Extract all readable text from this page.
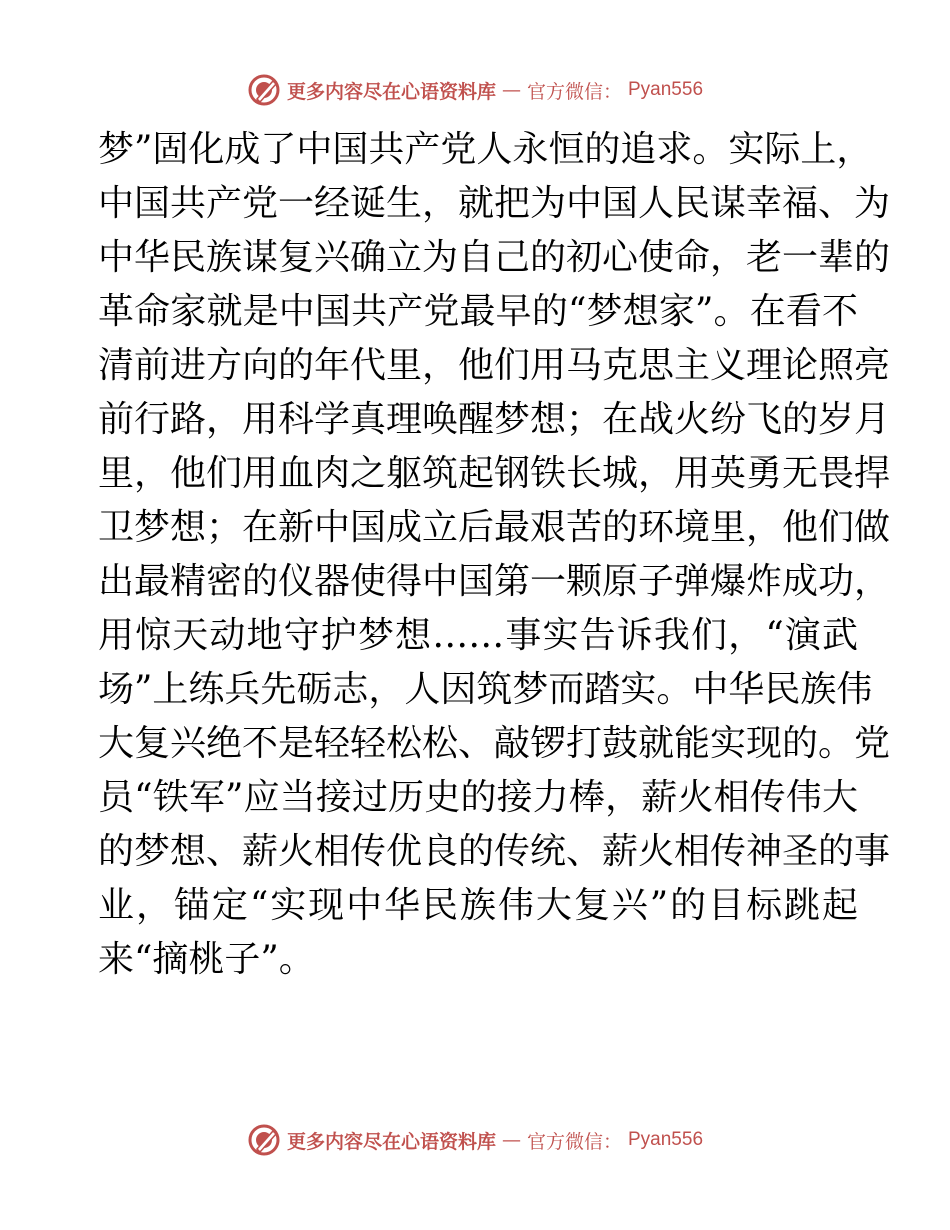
更多内容尽在心语资料库 — 官方微信： Pyan556
梦”固化成了中国共产党人永恒的追求。实际上，
中国共产党一经诞生，就把为中国人民谋幸福、为
中华民族谋复兴确立为自己的初心使命，老一辈的
革命家就是中国共产党最早的“梦想家”。在看不
清前进方向的年代里，他们用马克思主义理论照亮
前行路，用科学真理唤醒梦想；在战火纷飞的岁月
里，他们用血肉之躯筑起钢铁长城，用英勇无畏捍
卫梦想；在新中国成立后最艰苦的环境里，他们做
出最精密的仪器使得中国第一颗原子弹爆炸成功，
用惊天动地守护梦想……事实告诉我们，“演武
场”上练兵先砺志，人因筑梦而踏实。中华民族伟
大复兴绝不是轻轻松松、敲锣打鼓就能实现的。党
员“铁军”应当接过历史的接力棒，薪火相传伟大
的梦想、薪火相传优良的传统、薪火相传神圣的事
业，锚定“实现中华民族伟大复兴”的目标跳起
来“摘桃子”。
更多内容尽在心语资料库 — 官方微信： Pyan556
